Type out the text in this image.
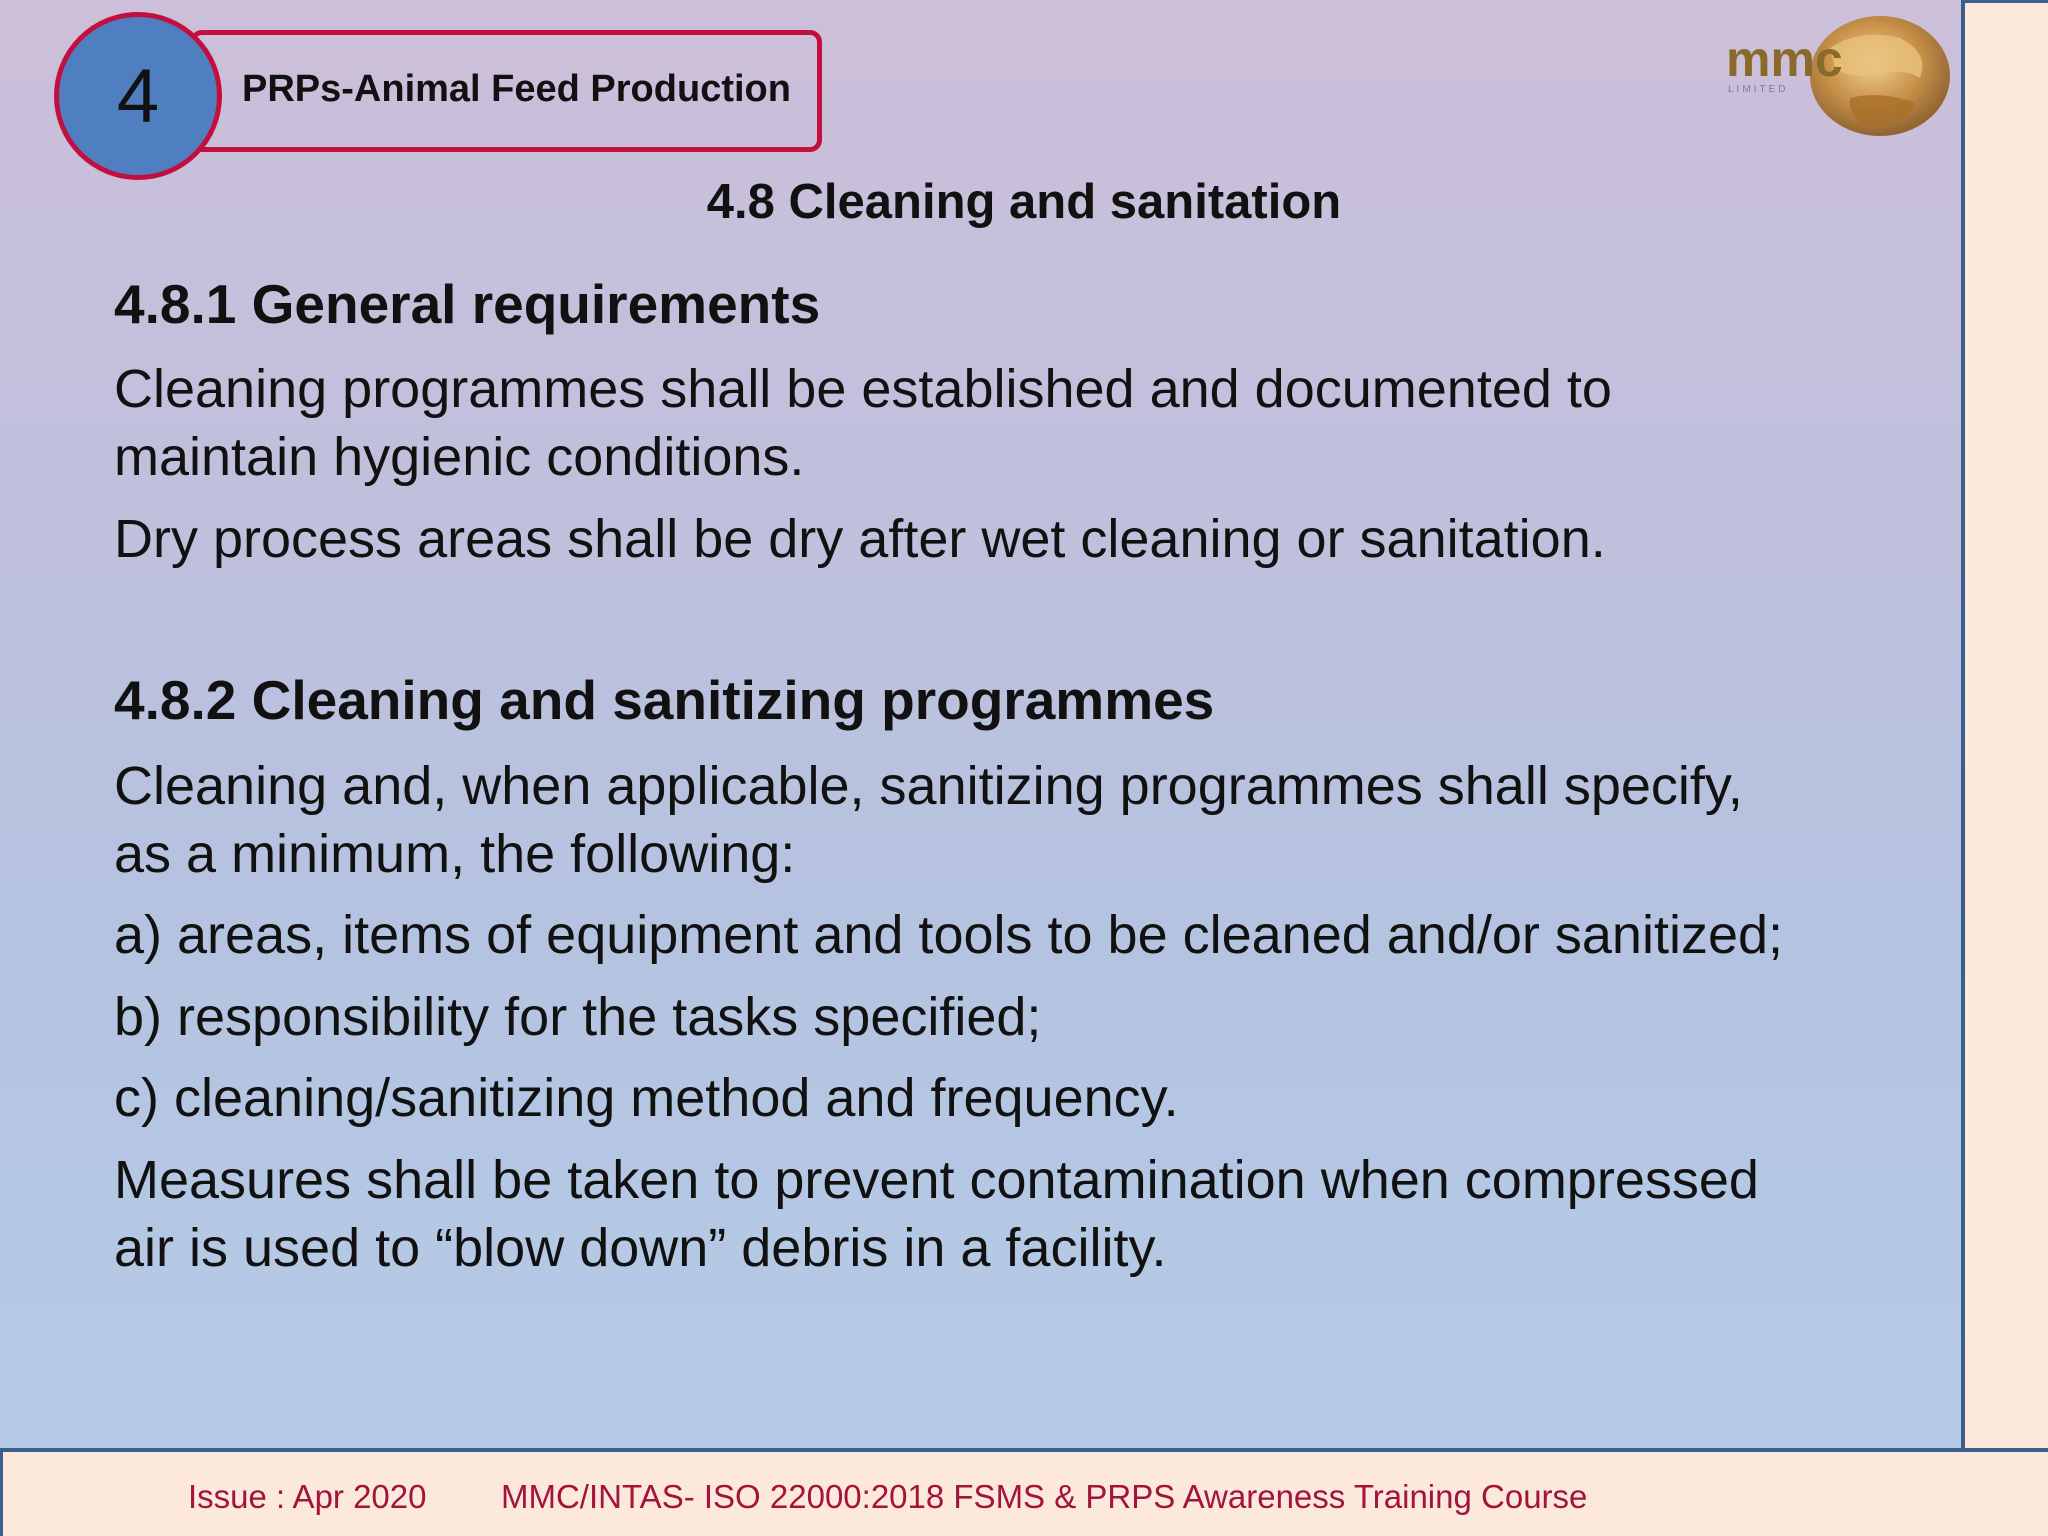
PRPs-Animal Feed Production
4	mmc
LIMITED
4.8 Cleaning and sanitation
4.8.1 General requirements
Cleaning programmes shall be established and documented to
maintain hygienic conditions.
Dry process areas shall be dry after wet cleaning or sanitation.
4.8.2 Cleaning and sanitizing programmes
Cleaning and, when applicable, sanitizing programmes shall specify,
as a minimum, the following:
a) areas, items of equipment and tools to be cleaned and/or sanitized;
b) responsibility for the tasks specified;
c) cleaning/sanitizing method and frequency.
Measures shall be taken to prevent contamination when compressed
air is used to “blow down” debris in a facility.
Issue : Apr 2020 MMC/INTAS- ISO 22000:2018 FSMS & PRPS Awareness Training Course
